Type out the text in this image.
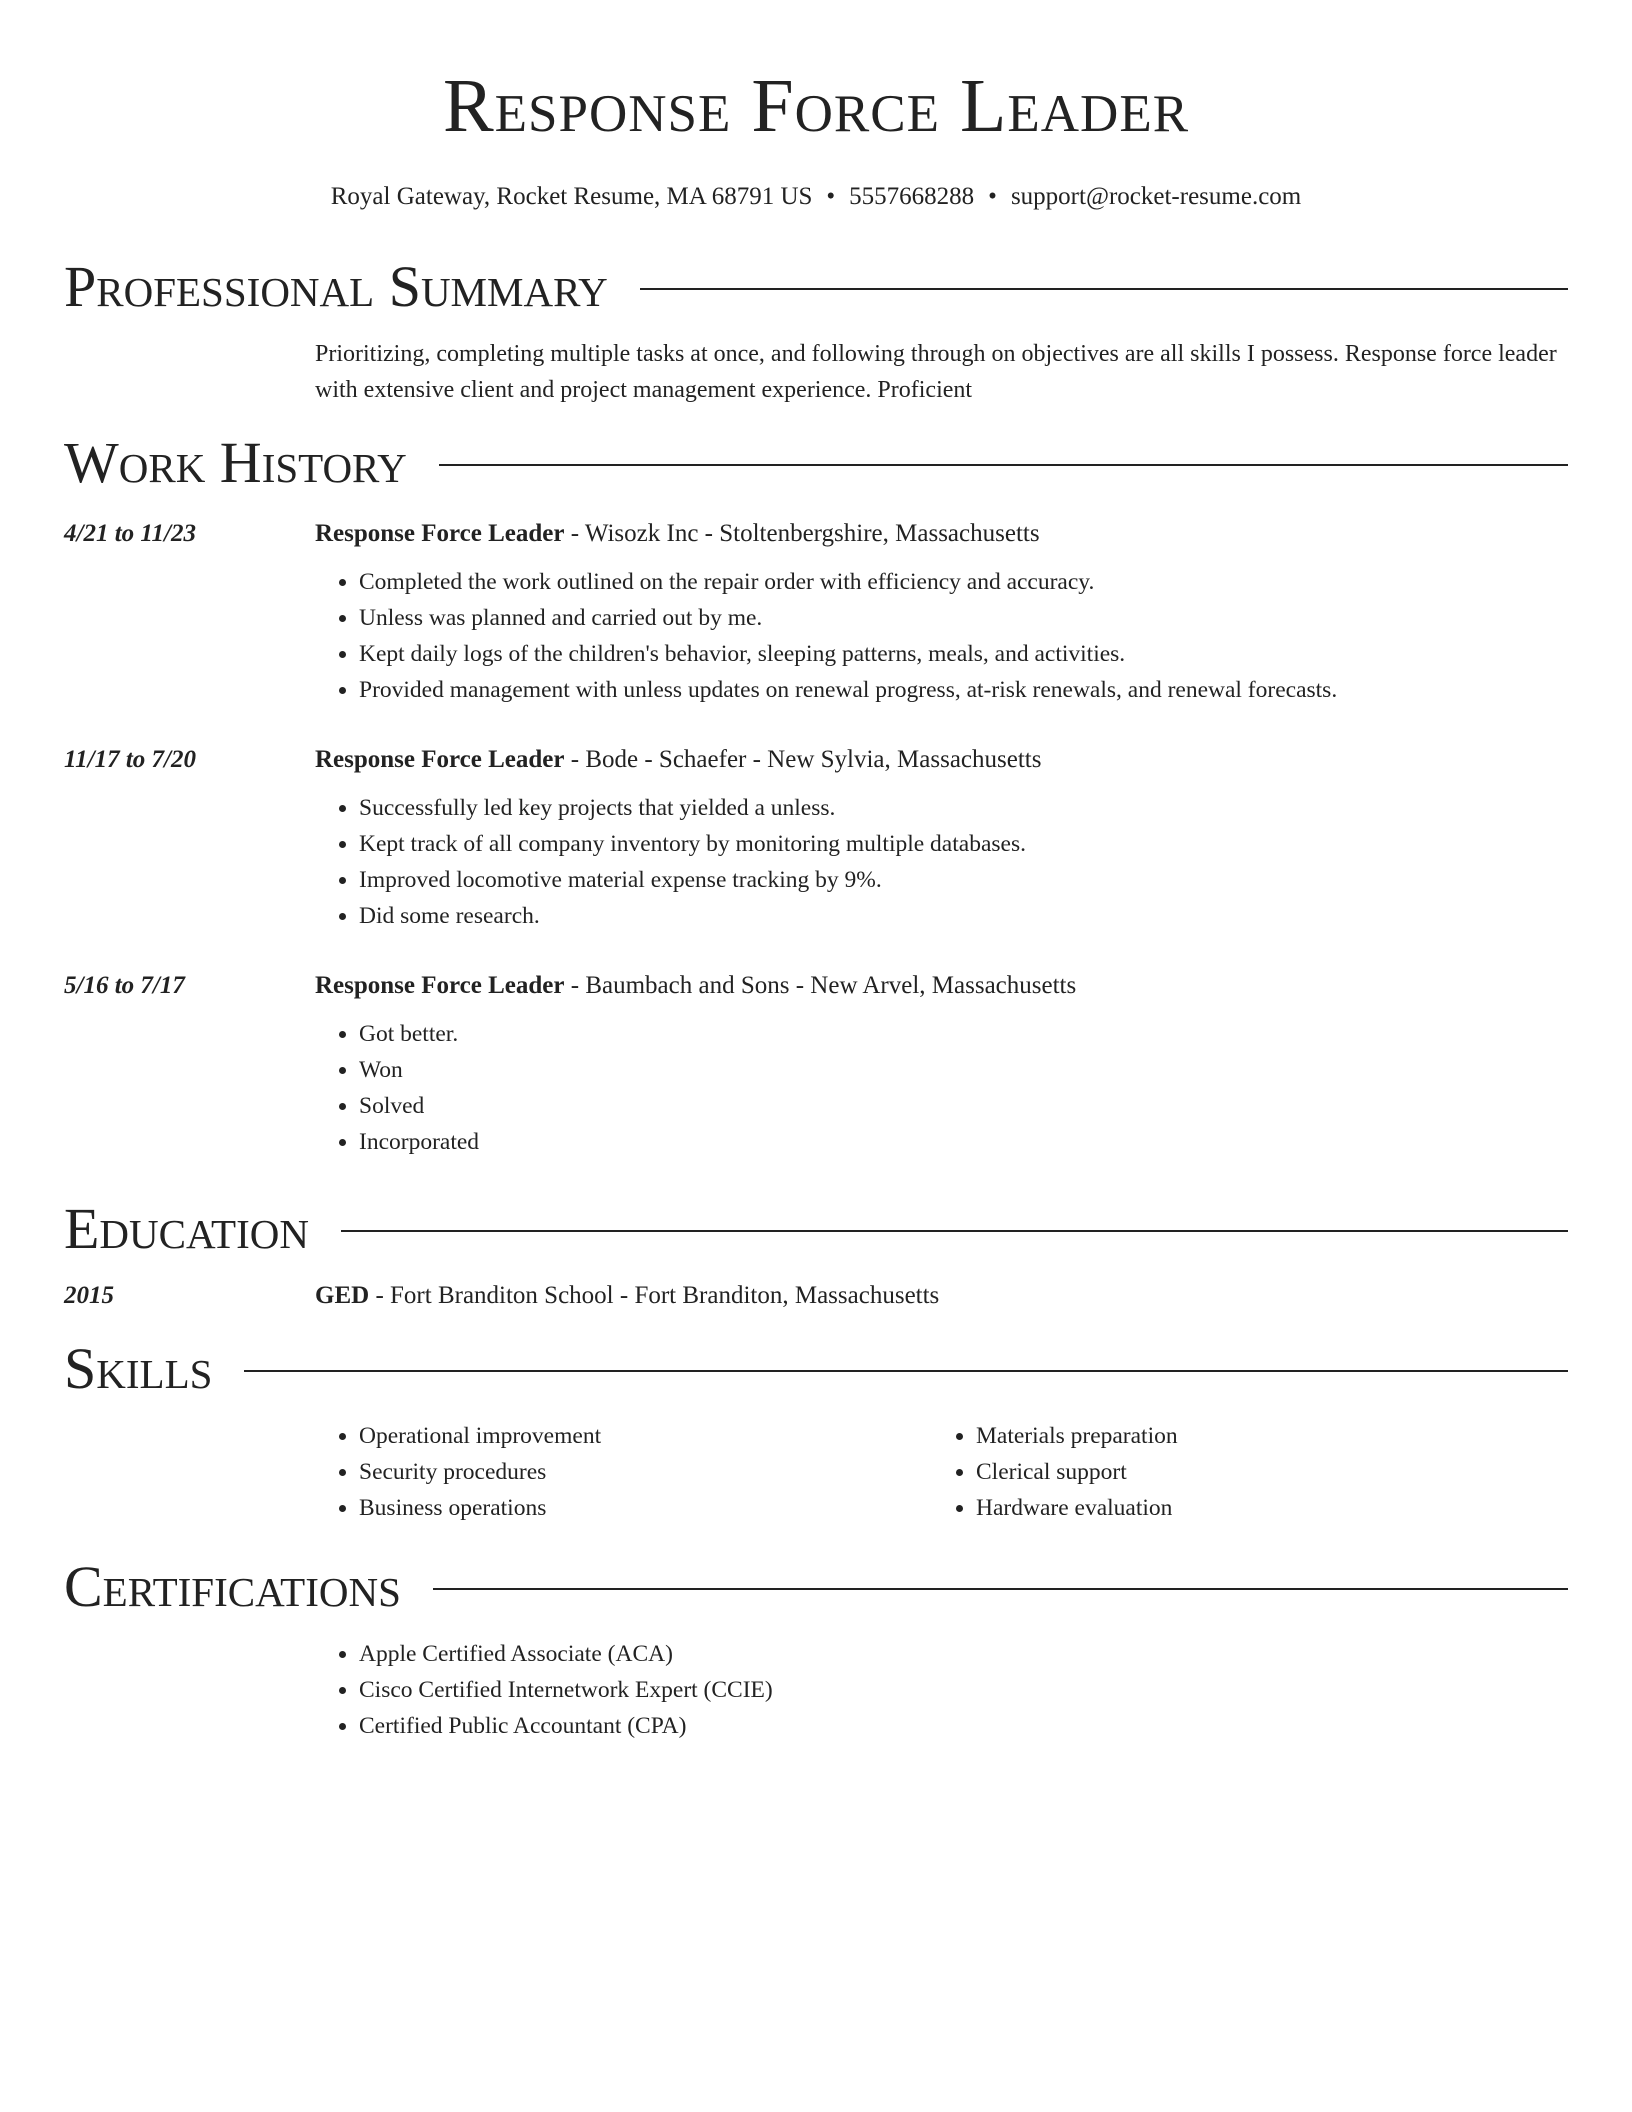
Response Force Leader
Royal Gateway, Rocket Resume, MA 68791 US • 5557668288 • support@rocket-resume.com
Professional Summary
Prioritizing, completing multiple tasks at once, and following through on objectives are all skills I possess. Response force leader with extensive client and project management experience. Proficient
Work History
4/21 to 11/23	Response Force Leader - Wisozk Inc - Stoltenbergshire, Massachusetts
• Completed the work outlined on the repair order with efficiency and accuracy.
• Unless was planned and carried out by me.
• Kept daily logs of the children's behavior, sleeping patterns, meals, and activities.
• Provided management with unless updates on renewal progress, at-risk renewals, and renewal forecasts.
11/17 to 7/20	Response Force Leader - Bode - Schaefer - New Sylvia, Massachusetts
• Successfully led key projects that yielded a unless.
• Kept track of all company inventory by monitoring multiple databases.
• Improved locomotive material expense tracking by 9%.
• Did some research.
5/16 to 7/17	Response Force Leader - Baumbach and Sons - New Arvel, Massachusetts
• Got better.
• Won
• Solved
• Incorporated
Education
2015	GED - Fort Branditon School - Fort Branditon, Massachusetts
Skills
• Operational improvement
• Security procedures
• Business operations
• Materials preparation
• Clerical support
• Hardware evaluation
Certifications
• Apple Certified Associate (ACA)
• Cisco Certified Internetwork Expert (CCIE)
• Certified Public Accountant (CPA)
